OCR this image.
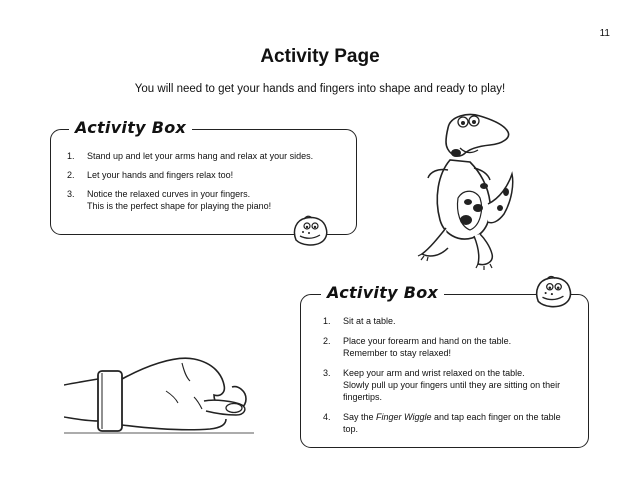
11
Activity Page
You will need to get your hands and fingers into shape and ready to play!
Activity Box
1.	Stand up and let your arms hang and relax at your sides.
2.	Let your hands and fingers relax too!
3.	Notice the relaxed curves in your fingers.
This is the perfect shape for playing the piano!
Activity Box
1.	Sit at a table.
2.	Place your forearm and hand on the table.
Remember to stay relaxed!
3.	Keep your arm and wrist relaxed on the table.
Slowly pull up your fingers until they are sitting on their fingertips.
4.	Say the Finger Wiggle and tap each finger on the table top.
